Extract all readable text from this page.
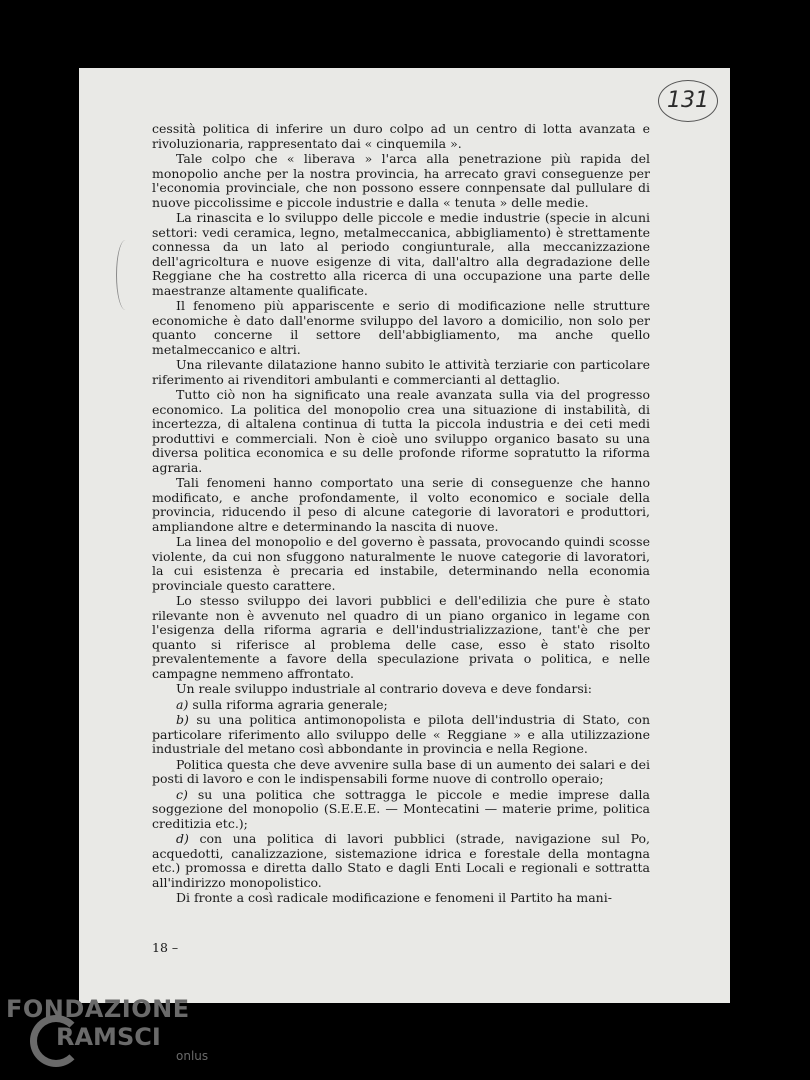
131

cessità politica di inferire un duro colpo ad un centro di lotta avanzata e rivoluzionaria, rappresentato dai « cinquemila ».

Tale colpo che « liberava » l'arca alla penetrazione più rapida del monopolio anche per la nostra provincia, ha arrecato gravi conseguenze per l'economia provinciale, che non possono essere connpensate dal pullulare di nuove piccolissime e piccole industrie e dalla « tenuta » delle medie.

La rinascita e lo sviluppo delle piccole e medie industrie (specie in alcuni settori: vedi ceramica, legno, metalmeccanica, abbigliamento) è strettamente connessa da un lato al periodo congiunturale, alla meccanizzazione dell'agricoltura e nuove esigenze di vita, dall'altro alla degradazione delle Reggiane che ha costretto alla ricerca di una occupazione una parte delle maestranze altamente qualificate.

Il fenomeno più appariscente e serio di modificazione nelle strutture economiche è dato dall'enorme sviluppo del lavoro a domicilio, non solo per quanto concerne il settore dell'abbigliamento, ma anche quello metalmeccanico e altri.

Una rilevante dilatazione hanno subito le attività terziarie con particolare riferimento ai rivenditori ambulanti e commercianti al dettaglio.

Tutto ciò non ha significato una reale avanzata sulla via del progresso economico. La politica del monopolio crea una situazione di instabilità, di incertezza, di altalena continua di tutta la piccola industria e dei ceti medi produttivi e commerciali. Non è cioè uno sviluppo organico basato su una diversa politica economica e su delle profonde riforme sopratutto la riforma agraria.

Tali fenomeni hanno comportato una serie di conseguenze che hanno modificato, e anche profondamente, il volto economico e sociale della provincia, riducendo il peso di alcune categorie di lavoratori e produttori, ampliandone altre e determinando la nascita di nuove.

La linea del monopolio e del governo è passata, provocando quindi scosse violente, da cui non sfuggono naturalmente le nuove categorie di lavoratori, la cui esistenza è precaria ed instabile, determinando nella economia provinciale questo carattere.

Lo stesso sviluppo dei lavori pubblici e dell'edilizia che pure è stato rilevante non è avvenuto nel quadro di un piano organico in legame con l'esigenza della riforma agraria e dell'industrializzazione, tant'è che per quanto si riferisce al problema delle case, esso è stato risolto prevalentemente a favore della speculazione privata o politica, e nelle campagne nemmeno affrontato.

Un reale sviluppo industriale al contrario doveva e deve fondarsi:

a) sulla riforma agraria generale;

b) su una politica antimonopolista e pilota dell'industria di Stato, con particolare riferimento allo sviluppo delle « Reggiane » e alla utilizzazione industriale del metano così abbondante in provincia e nella Regione.

Politica questa che deve avvenire sulla base di un aumento dei salari e dei posti di lavoro e con le indispensabili forme nuove di controllo operaio;

c) su una politica che sottragga le piccole e medie imprese dalla soggezione del monopolio (S.E.E.E. — Montecatini — materie prime, politica creditizia etc.);

d) con una politica di lavori pubblici (strade, navigazione sul Po, acquedotti, canalizzazione, sistemazione idrica e forestale della montagna etc.) promossa e diretta dallo Stato e dagli Enti Locali e regionali e sottratta all'indirizzo monopolistico.

Di fronte a così radicale modificazione e fenomeni il Partito ha mani-

18 –
FONDAZIONE
RAMSCI
onlus
